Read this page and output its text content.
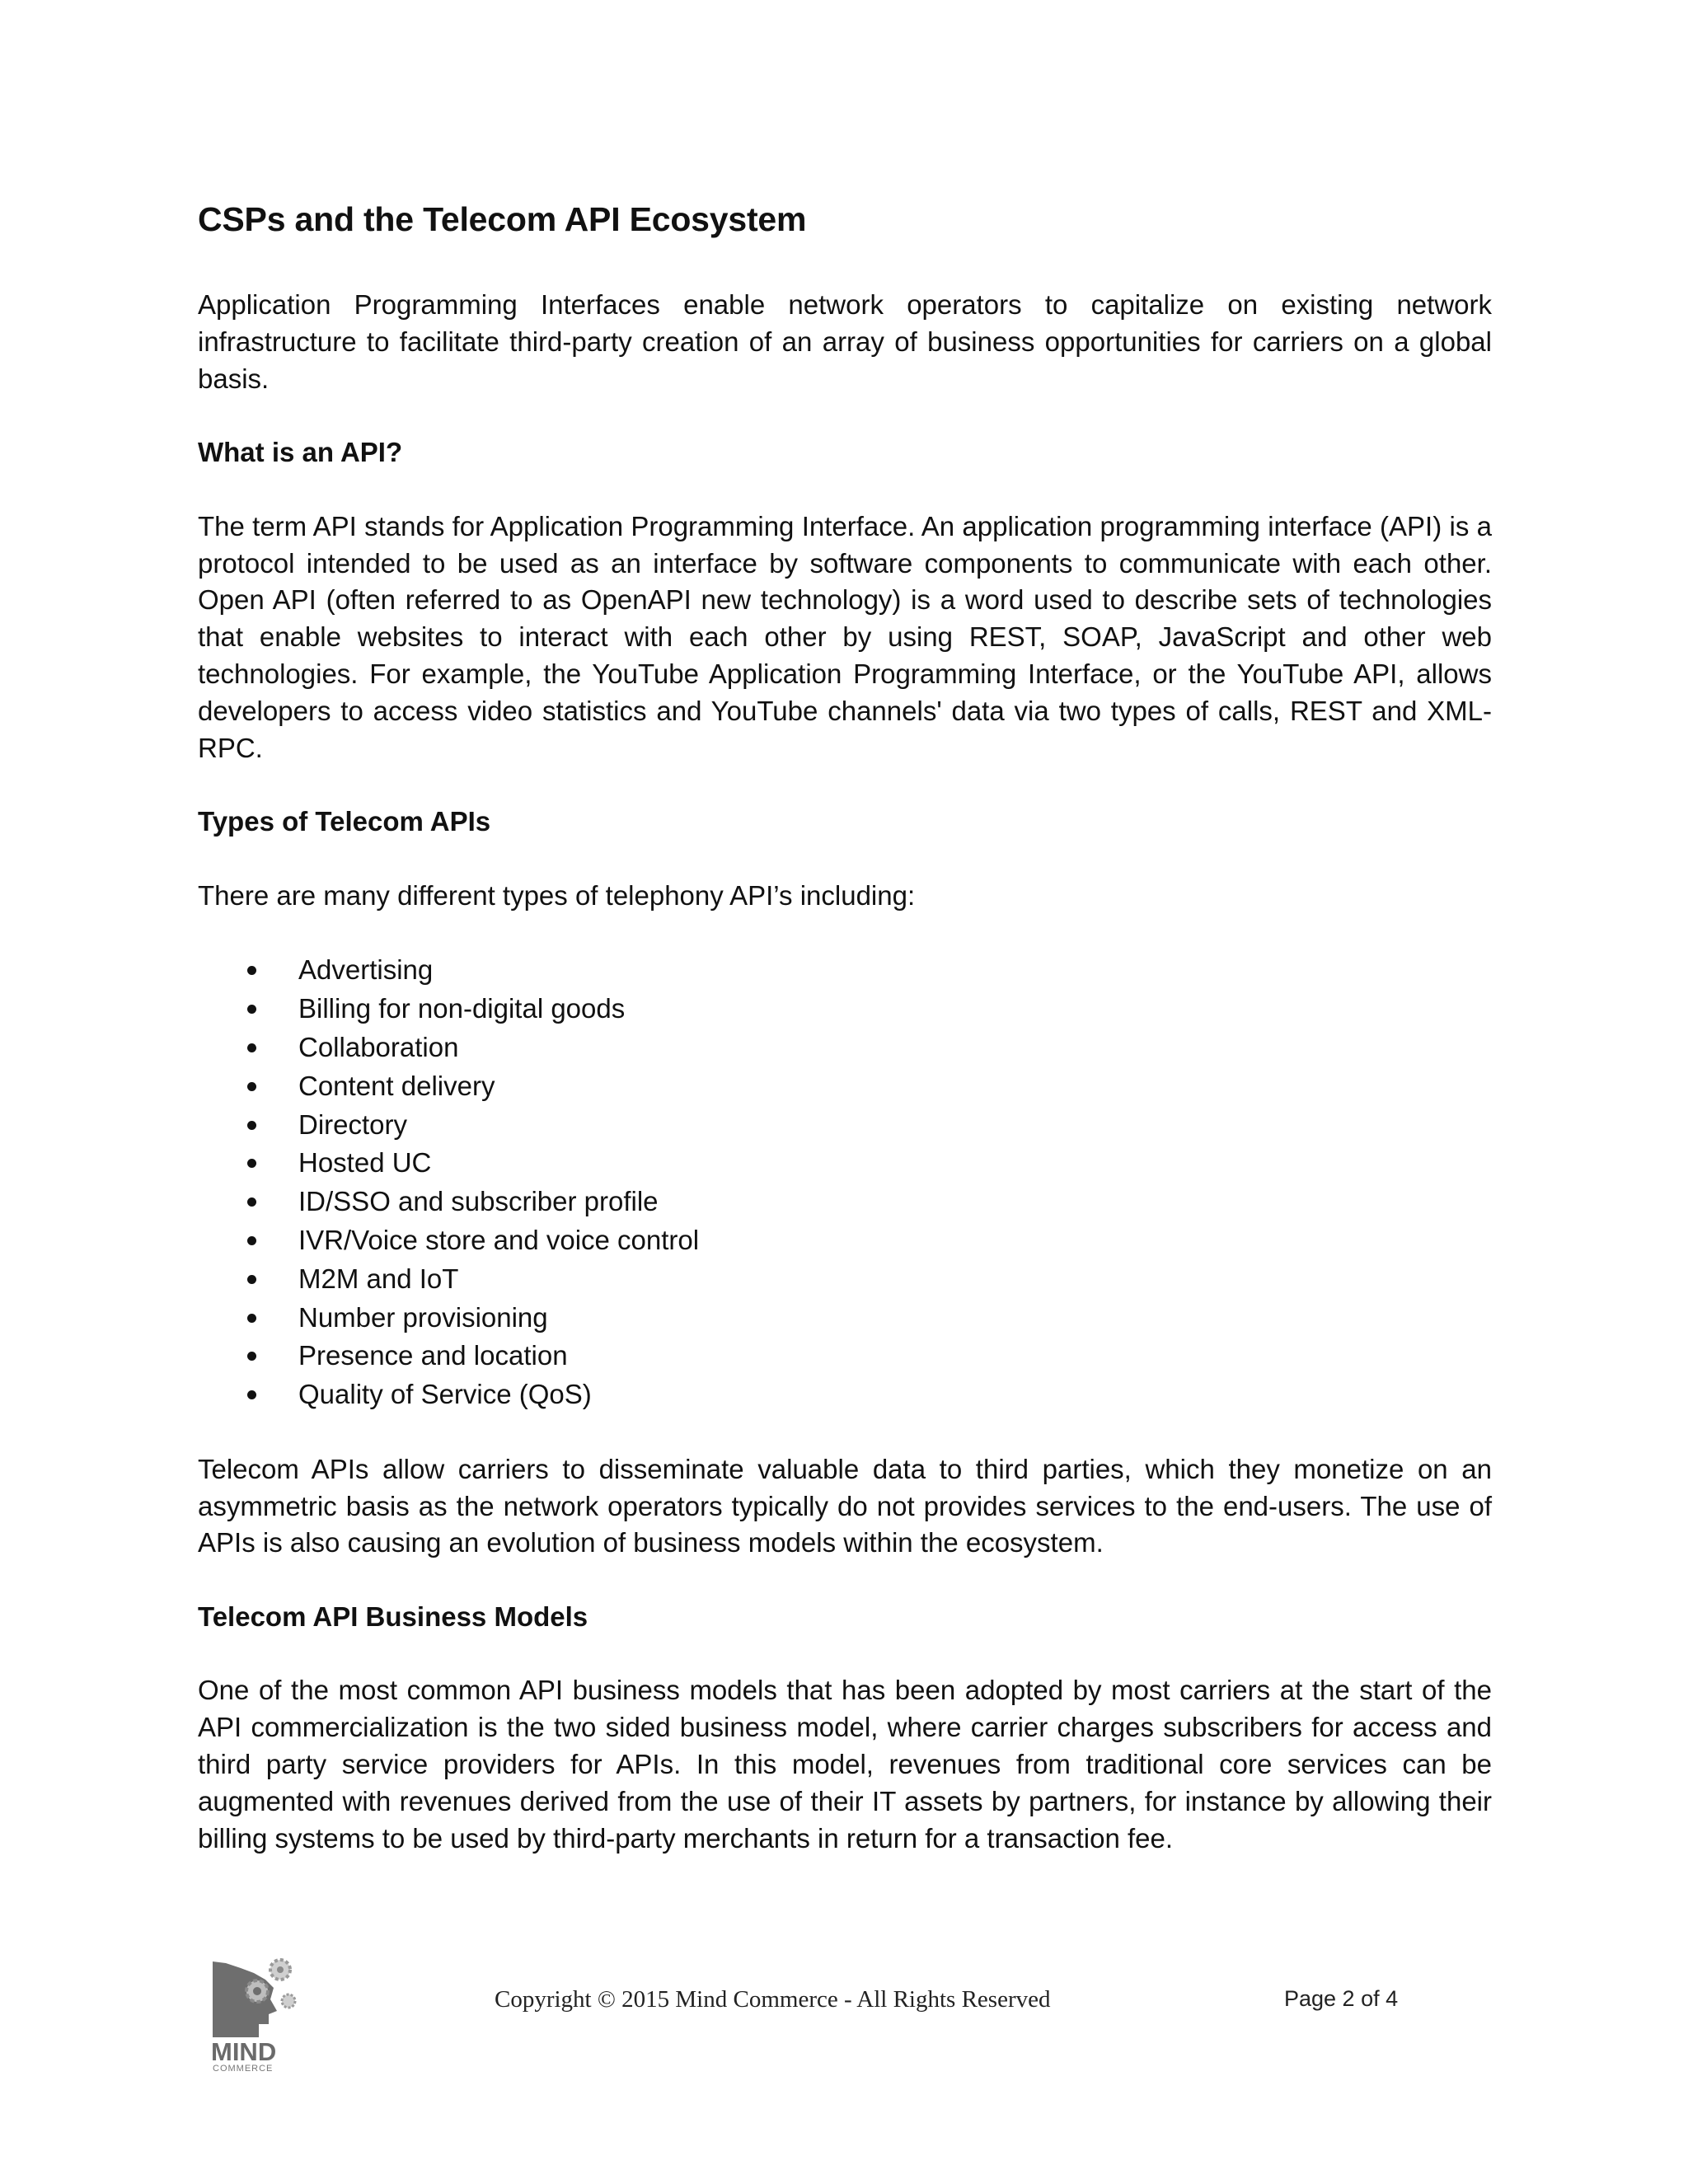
CSPs and the Telecom API Ecosystem

Application Programming Interfaces enable network operators to capitalize on existing network infrastructure to facilitate third-party creation of an array of business opportunities for carriers on a global basis.

What is an API?

The term API stands for Application Programming Interface. An application programming interface (API) is a protocol intended to be used as an interface by software components to communicate with each other. Open API (often referred to as OpenAPI new technology) is a word used to describe sets of technologies that enable websites to interact with each other by using REST, SOAP, JavaScript and other web technologies. For example, the YouTube Application Programming Interface, or the YouTube API, allows developers to access video statistics and YouTube channels' data via two types of calls, REST and XML-RPC.

Types of Telecom APIs

There are many different types of telephony API’s including:

Advertising
Billing for non-digital goods
Collaboration
Content delivery
Directory
Hosted UC
ID/SSO and subscriber profile
IVR/Voice store and voice control
M2M and IoT
Number provisioning
Presence and location
Quality of Service (QoS)

Telecom APIs allow carriers to disseminate valuable data to third parties, which they monetize on an asymmetric basis as the network operators typically do not provides services to the end-users. The use of APIs is also causing an evolution of business models within the ecosystem.

Telecom API Business Models

One of the most common API business models that has been adopted by most carriers at the start of the API commercialization is the two sided business model, where carrier charges subscribers for access and third party service providers for APIs. In this model, revenues from traditional core services can be augmented with revenues derived from the use of their IT assets by partners, for instance by allowing their billing systems to be used by third-party merchants in return for a transaction fee.

MIND
COMMERCE
Copyright © 2015 Mind Commerce - All Rights Reserved	Page 2 of 4
